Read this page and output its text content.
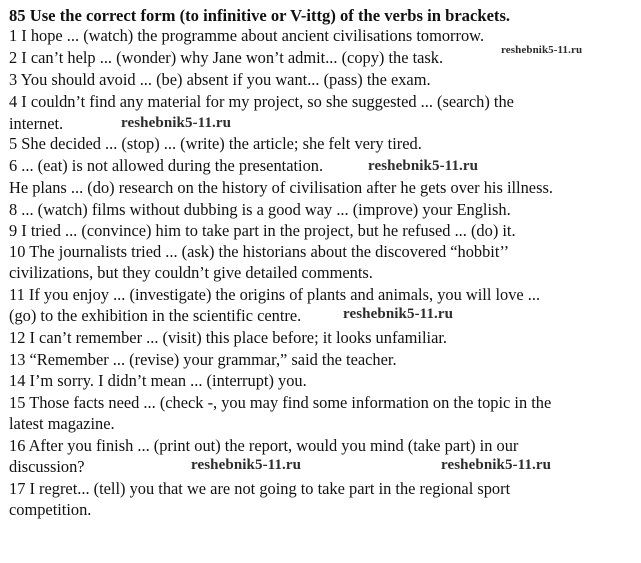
85 Use the correct form (to infinitive or V-ittg) of the verbs in brackets.
1 I hope ... (watch) the programme about ancient civilisations tomorrow.
2 I can’t help ... (wonder) why Jane won’t admit... (copy) the task.
3 You should avoid ... (be) absent if you want... (pass) the exam.
4 I couldn’t find any material for my project, so she suggested ... (search) the
internet.
5 She decided ... (stop) ... (write) the article; she felt very tired.
6 ... (eat) is not allowed during the presentation.
He plans ... (do) research on the history of civilisation after he gets over his illness.
8 ... (watch) films without dubbing is a good way ... (improve) your English.
9 I tried ... (convince) him to take part in the project, but he refused ... (do) it.
10 The journalists tried ... (ask) the historians about the discovered “hobbit’’
civilizations, but they couldn’t give detailed comments.
11 If you enjoy ... (investigate) the origins of plants and animals, you will love ...
(go) to the exhibition in the scientific centre.
12 I can’t remember ... (visit) this place before; it looks unfamiliar.
13 “Remember ... (revise) your grammar,” said the teacher.
14 I’m sorry. I didn’t mean ... (interrupt) you.
15 Those facts need ... (check -, you may find some information on the topic in the
latest magazine.
16 After you finish ... (print out) the report, would you mind (take part) in our
discussion?
17 I regret... (tell) you that we are not going to take part in the regional sport
competition.
reshebnik5-11.ru
reshebnik5-11.ru
reshebnik5-11.ru
reshebnik5-11.ru
reshebnik5-11.ru	reshebnik5-11.ru
